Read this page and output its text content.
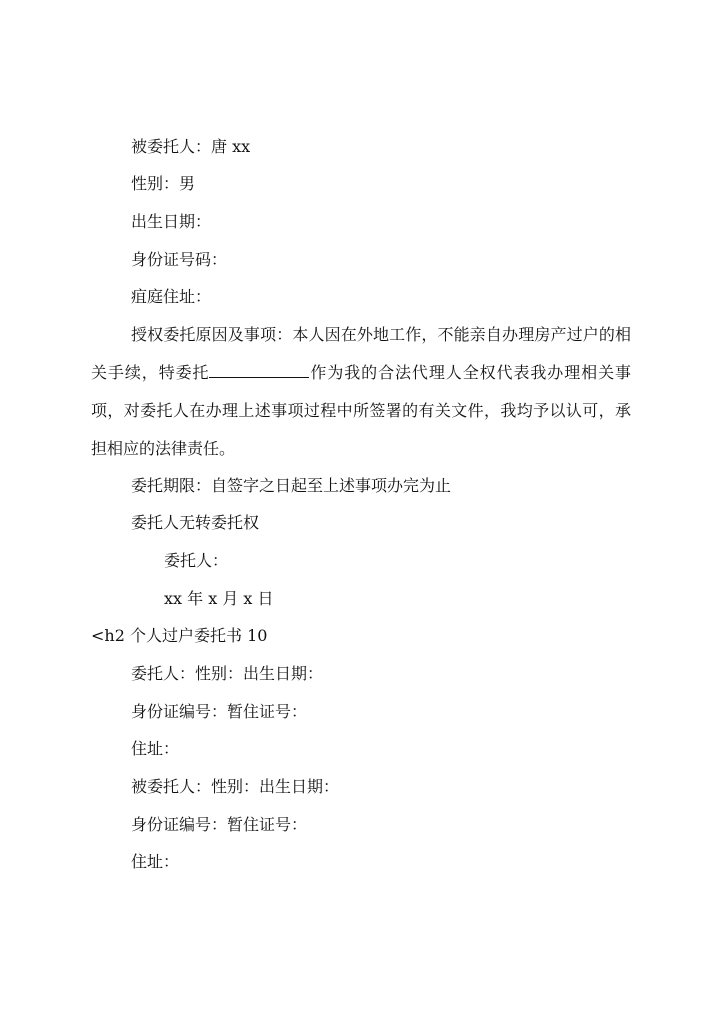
被委托人：唐 xx
性别：男
出生日期：
身份证号码：
疽庭住址：
授权委托原因及事项：本人因在外地工作，不能亲自办理房产过户的相关手续，特委托	作为我的合法代理人全权代表我办理相关事项，对委托人在办理上述事项过程中所签署的有关文件，我均予以认可，承担相应的法律责任。
委托期限：自签字之日起至上述事项办完为止
委托人无转委托权
委托人：
xx 年 x 月 x 日
<h2 个人过户委托书 10
委托人：性别：出生日期：
身份证编号：暂住证号：
住址：
被委托人：性别：出生日期：
身份证编号：暂住证号：
住址：
